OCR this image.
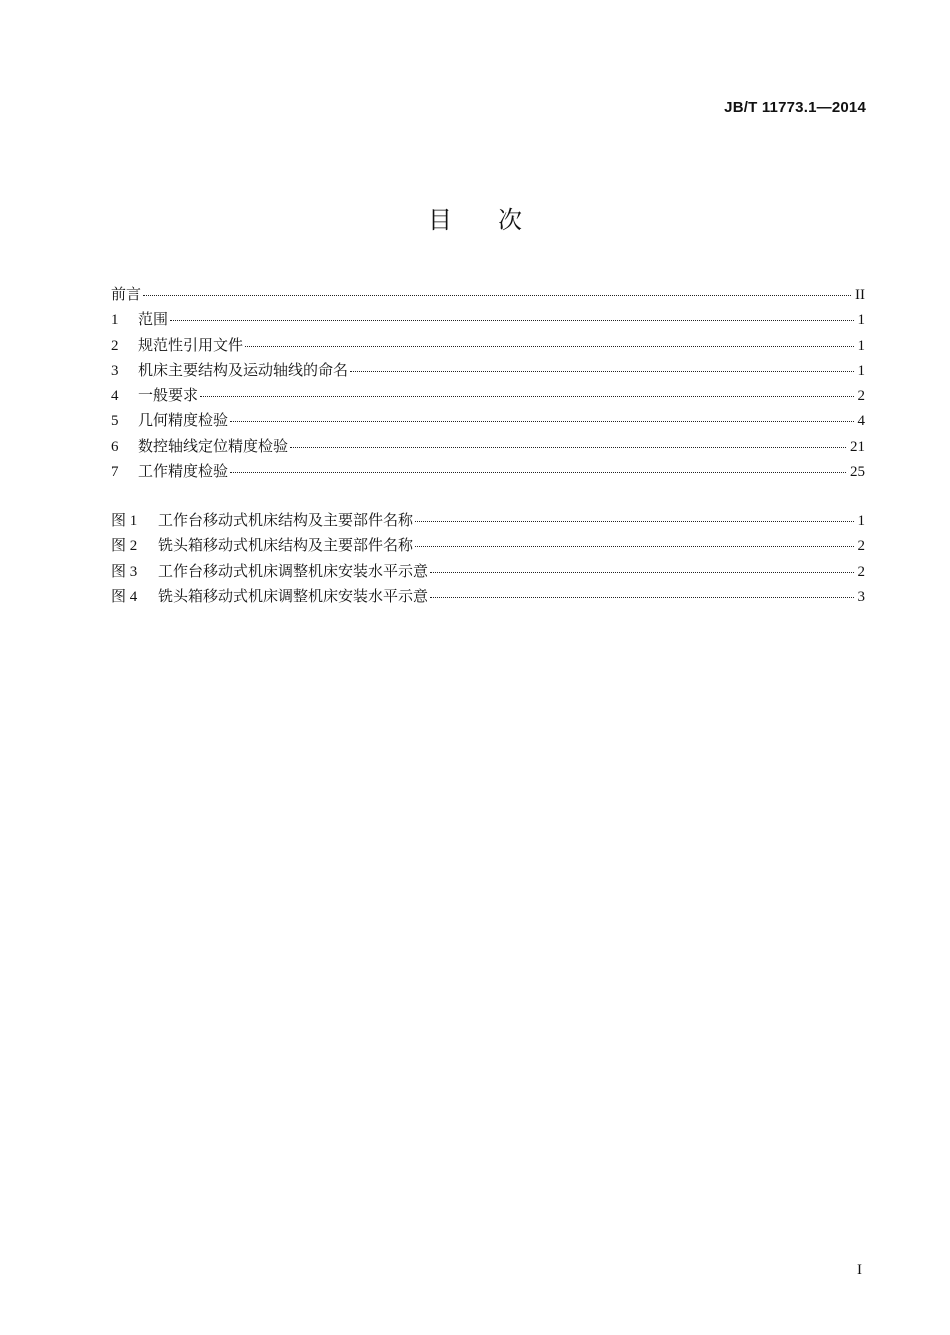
JB/T 11773.1—2014
目次
前言	II
1	范围	1
2	规范性引用文件	1
3	机床主要结构及运动轴线的命名	1
4	一般要求	2
5	几何精度检验	4
6	数控轴线定位精度检验	21
7	工作精度检验	25
图 1	工作台移动式机床结构及主要部件名称	1
图 2	铣头箱移动式机床结构及主要部件名称	2
图 3	工作台移动式机床调整机床安装水平示意	2
图 4	铣头箱移动式机床调整机床安装水平示意	3
I
